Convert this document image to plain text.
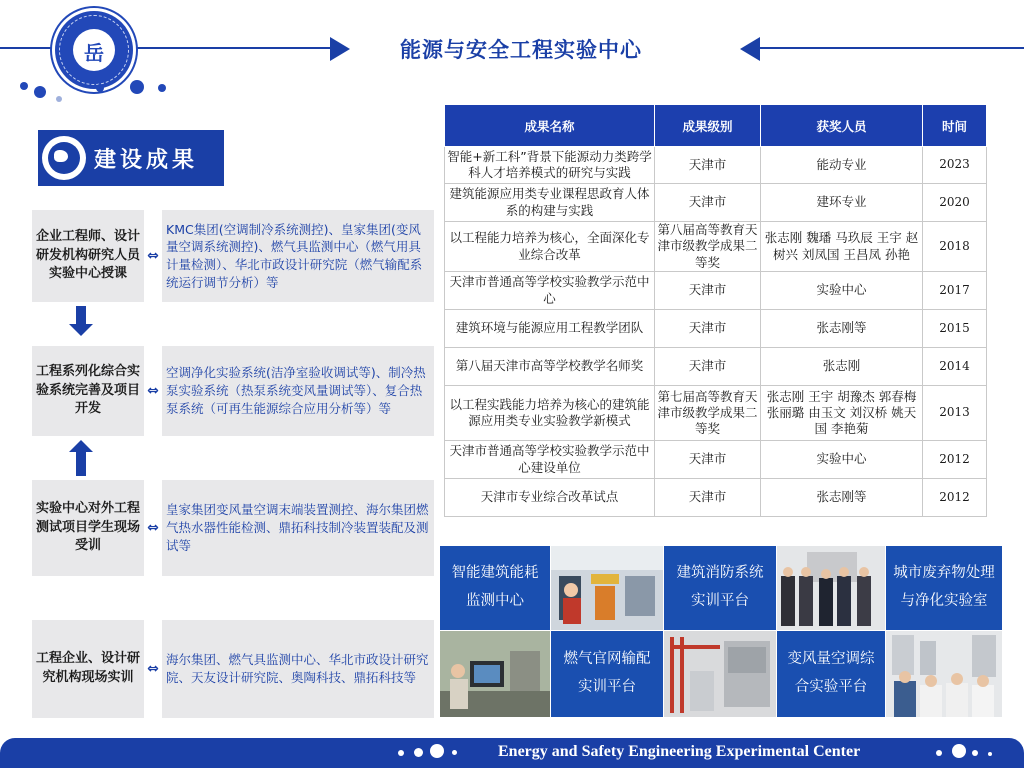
能源与安全工程实验中心
岳
建设成果
企业工程师、设计研发机构研究人员实验中心授课
⇔
KMC集团(空调制冷系统测控)、皇家集团(变风量空调系统测控)、燃气具监测中心（燃气用具计量检测）、华北市政设计研究院（燃气输配系统运行调节分析）等
工程系列化综合实验系统完善及项目开发
⇔
空调净化实验系统(洁净室验收调试等)、制冷热泵实验系统（热泵系统变风量调试等）、复合热泵系统（可再生能源综合应用分析等）等
实验中心对外工程测试项目学生现场受训
⇔
皇家集团变风量空调末端装置测控、海尔集团燃气热水器性能检测、鼎拓科技制冷装置装配及测试等
工程企业、设计研究机构现场实训
⇔
海尔集团、燃气具监测中心、华北市政设计研究院、天友设计研究院、奥陶科技、鼎拓科技等
成果名称	成果级别	获奖人员	时间
智能+新工科”背景下能源动力类跨学科人才培养模式的研究与实践	天津市	能动专业	2023
建筑能源应用类专业课程思政育人体系的构建与实践	天津市	建环专业	2020
以工程能力培养为核心，全面深化专业综合改革	第八届高等教育天津市级教学成果二等奖	张志刚 魏璠 马玖辰 王宇 赵树兴 刘凤国 王昌凤 孙艳	2018
天津市普通高等学校实验教学示范中心	天津市	实验中心	2017
建筑环境与能源应用工程教学团队	天津市	张志刚等	2015
第八届天津市高等学校教学名师奖	天津市	张志刚	2014
以工程实践能力培养为核心的建筑能源应用类专业实验教学新模式	第七届高等教育天津市级教学成果二等奖	张志刚 王宇 胡豫杰 郭春梅 张丽璐 由玉文 刘汉桥 姚天国 李艳菊	2013
天津市普通高等学校实验教学示范中心建设单位	天津市	实验中心	2012
天津市专业综合改革试点	天津市	张志刚等	2012
智能建筑能耗
监测中心
建筑消防系统
实训平台
城市废弃物处理
与净化实验室
燃气官网输配
实训平台
变风量空调综
合实验平台
Energy and Safety Engineering Experimental Center
